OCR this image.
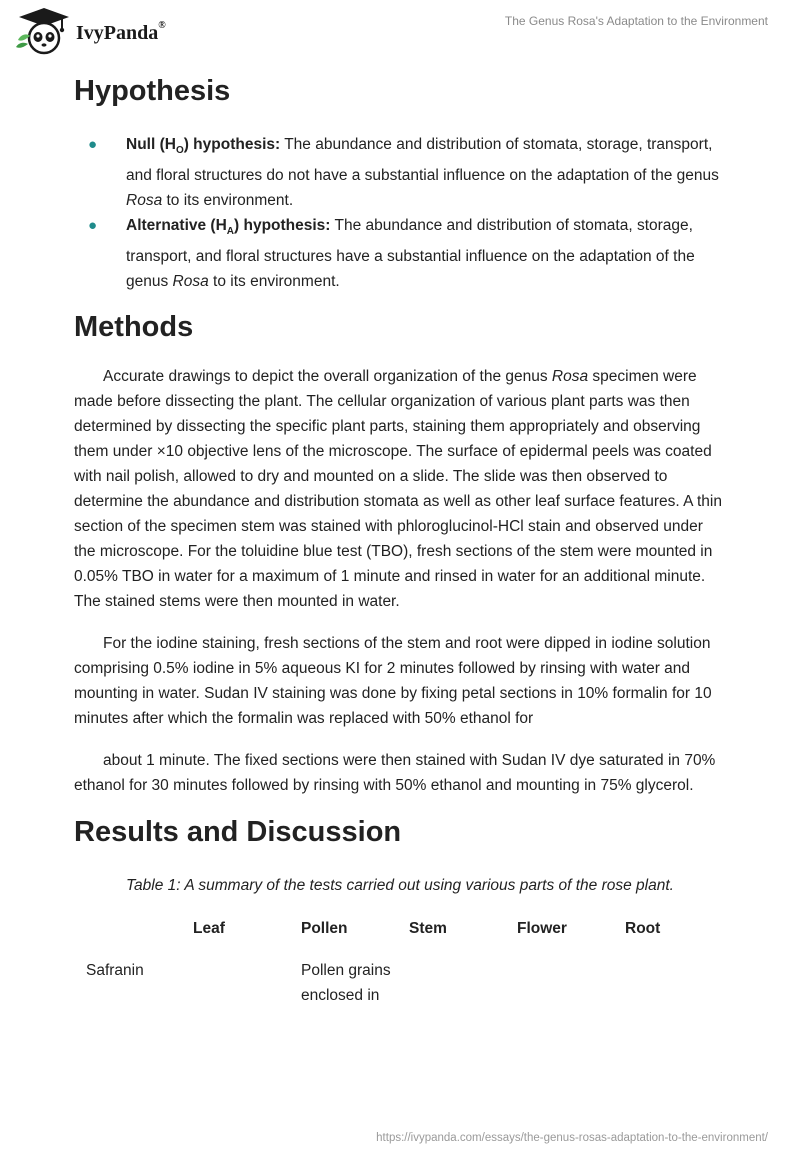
IvyPanda®	The Genus Rosa's Adaptation to the Environment
Hypothesis
● Null $(H_O)$ hypothesis: The abundance and distribution of stomata, storage, transport, and floral structures do not have a substantial influence on the adaptation of the genus Rosa to its environment.
● Alternative $(H_A)$ hypothesis: The abundance and distribution of stomata, storage, transport, and floral structures have a substantial influence on the adaptation of the genus Rosa to its environment.
Methods

Accurate drawings to depict the overall organization of the genus Rosa specimen were made before dissecting the plant. The cellular organization of various plant parts was then determined by dissecting the specific plant parts, staining them appropriately and observing them under ×10 objective lens of the microscope. The surface of epidermal peels was coated with nail polish, allowed to dry and mounted on a slide. The slide was then observed to determine the abundance and distribution stomata as well as other leaf surface features. A thin section of the specimen stem was stained with phloroglucinol-HCl stain and observed under the microscope. For the toluidine blue test (TBO), fresh sections of the stem were mounted in 0.05% TBO in water for a maximum of 1 minute and rinsed in water for an additional minute. The stained stems were then mounted in water.

For the iodine staining, fresh sections of the stem and root were dipped in iodine solution comprising 0.5% iodine in 5% aqueous KI for 2 minutes followed by rinsing with water and mounting in water. Sudan IV staining was done by fixing petal sections in 10% formalin for 10 minutes after which the formalin was replaced with 50% ethanol for

about 1 minute. The fixed sections were then stained with Sudan IV dye saturated in 70% ethanol for 30 minutes followed by rinsing with 50% ethanol and mounting in 75% glycerol.

Results and Discussion

Table 1: A summary of the tests carried out using various parts of the rose plant.

	Leaf	Pollen	Stem	Flower	Root
Safranin		Pollen grains enclosed in			
https://ivypanda.com/essays/the-genus-rosas-adaptation-to-the-environment/
